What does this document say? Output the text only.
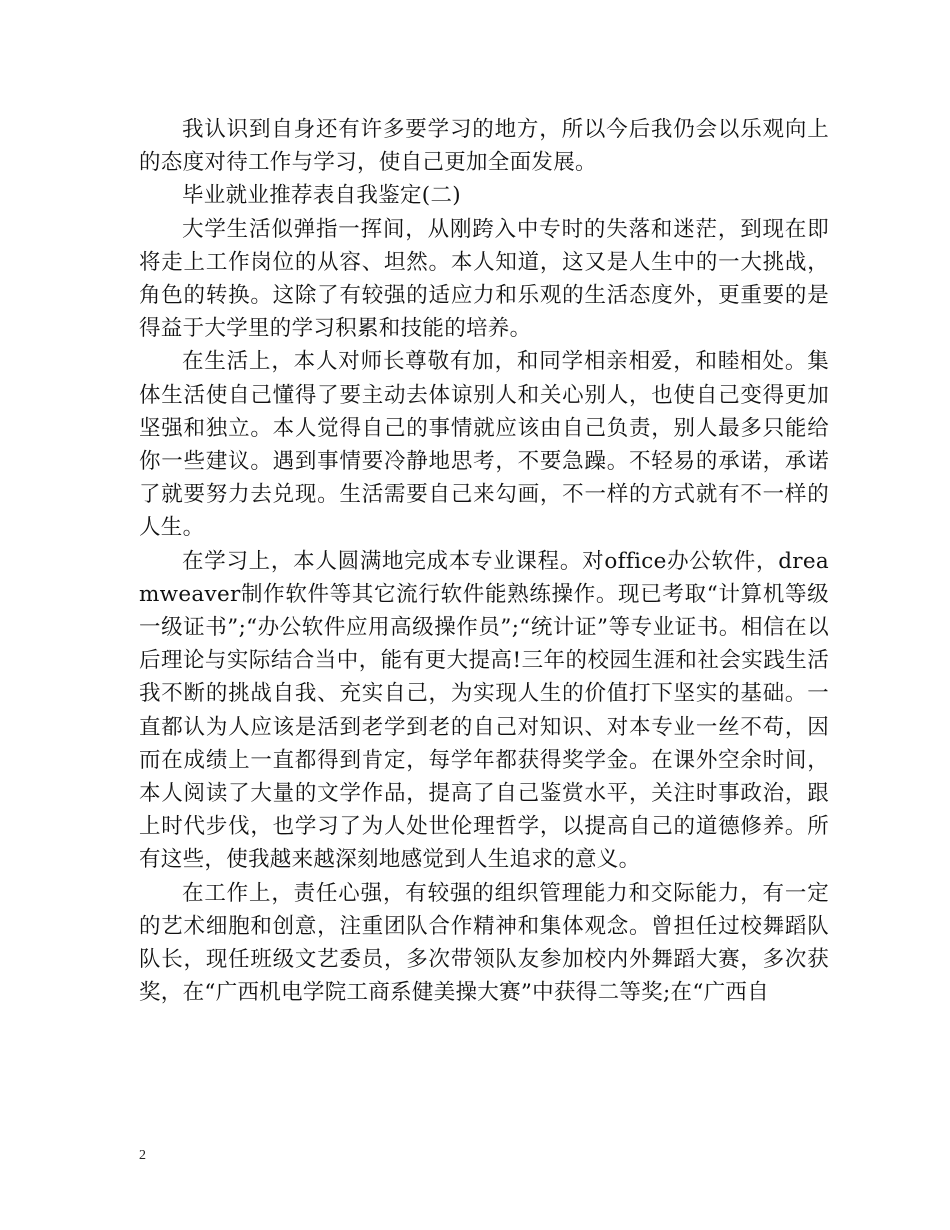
我认识到自身还有许多要学习的地方，所以今后我仍会以乐观向上的态度对待工作与学习，使自己更加全面发展。

毕业就业推荐表自我鉴定(二)

大学生活似弹指一挥间，从刚跨入中专时的失落和迷茫，到现在即将走上工作岗位的从容、坦然。本人知道，这又是人生中的一大挑战，角色的转换。这除了有较强的适应力和乐观的生活态度外，更重要的是得益于大学里的学习积累和技能的培养。

在生活上，本人对师长尊敬有加，和同学相亲相爱，和睦相处。集体生活使自己懂得了要主动去体谅别人和关心别人，也使自己变得更加坚强和独立。本人觉得自己的事情就应该由自己负责，别人最多只能给你一些建议。遇到事情要冷静地思考，不要急躁。不轻易的承诺，承诺了就要努力去兑现。生活需要自己来勾画，不一样的方式就有不一样的人生。

在学习上，本人圆满地完成本专业课程。对office办公软件，dreamweaver制作软件等其它流行软件能熟练操作。现已考取“计算机等级一级证书”;“办公软件应用高级操作员”;“统计证”等专业证书。相信在以后理论与实际结合当中，能有更大提高!三年的校园生涯和社会实践生活我不断的挑战自我、充实自己，为实现人生的价值打下坚实的基础。一直都认为人应该是活到老学到老的自己对知识、对本专业一丝不苟，因而在成绩上一直都得到肯定，每学年都获得奖学金。在课外空余时间，本人阅读了大量的文学作品，提高了自己鉴赏水平，关注时事政治，跟上时代步伐，也学习了为人处世伦理哲学，以提高自己的道德修养。所有这些，使我越来越深刻地感觉到人生追求的意义。

在工作上，责任心强，有较强的组织管理能力和交际能力，有一定的艺术细胞和创意，注重团队合作精神和集体观念。曾担任过校舞蹈队队长，现任班级文艺委员，多次带领队友参加校内外舞蹈大赛，多次获奖，在“广西机电学院工商系健美操大赛”中获得二等奖;在“广西自

2
